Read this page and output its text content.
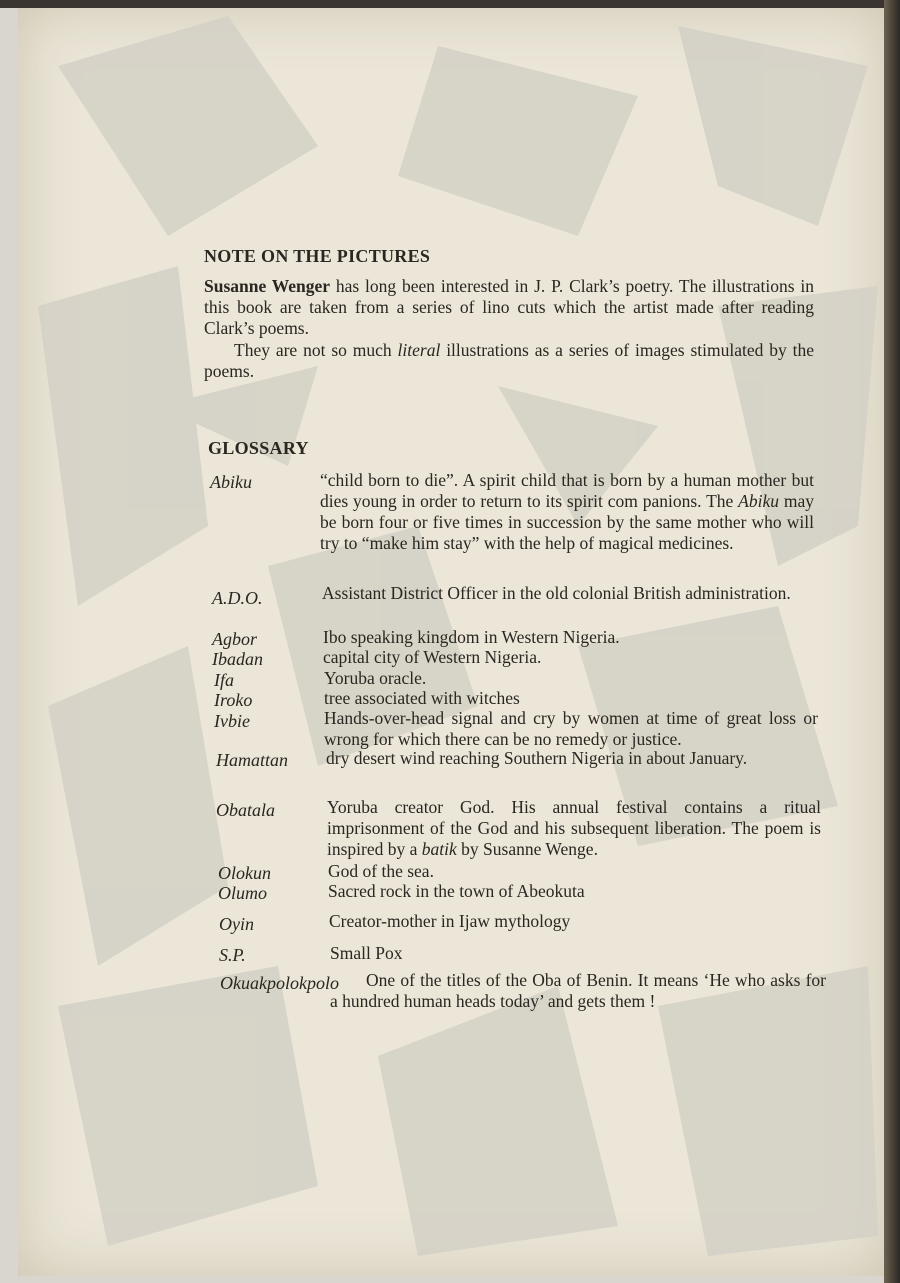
NOTE ON THE PICTURES
Susanne Wenger has long been interested in J. P. Clark’s poetry. The illustrations in this book are taken from a series of lino cuts which the artist made after reading Clark’s poems.
They are not so much literal illustrations as a series of images stimulated by the poems.
GLOSSARY
Abiku	“child born to die”. A spirit child that is born by a human mother but dies young in order to return to its spirit com panions. The Abiku may be born four or five times in succession by the same mother who will try to “make him stay” with the help of magical medicines.
A.D.O.	Assistant District Officer in the old colonial British administration.
Agbor	Ibo speaking kingdom in Western Nigeria.
Ibadan	capital city of Western Nigeria.
Ifa	Yoruba oracle.
Iroko	tree associated with witches
Ivbie	Hands-over-head signal and cry by women at time of great loss or wrong for which there can be no remedy or justice.
Hamattan dry desert wind reaching Southern Nigeria in about January.
Obatala	Yoruba creator God. His annual festival contains a ritual imprisonment of the God and his subsequent liberation. The poem is inspired by a batik by Susanne Wenge.
Olokun	God of the sea.
Olumo	Sacred rock in the town of Abeokuta
Oyin	Creator-mother in Ijaw mythology
S.P.	Small Pox
Okuakpolokpolo	One of the titles of the Oba of Benin. It means ‘He who asks for a hundred human heads today’ and gets them !
